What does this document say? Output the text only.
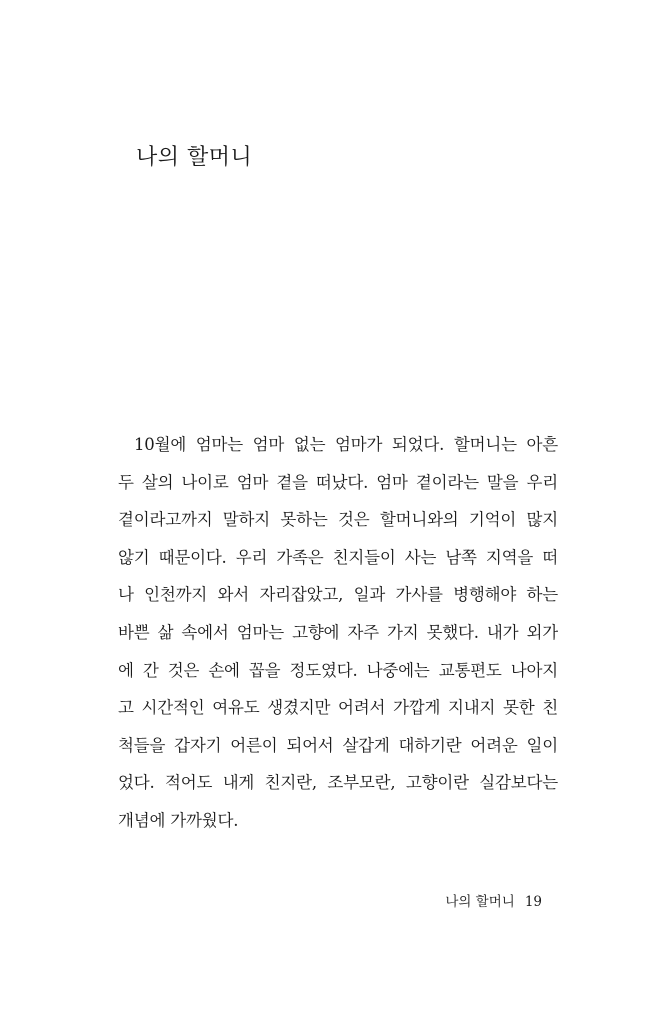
나의 할머니
10월에 엄마는 엄마 없는 엄마가 되었다. 할머니는 아흔
두 살의 나이로 엄마 곁을 떠났다. 엄마 곁이라는 말을 우리
곁이라고까지 말하지 못하는 것은 할머니와의 기억이 많지
않기 때문이다. 우리 가족은 친지들이 사는 남쪽 지역을 떠
나 인천까지 와서 자리잡았고, 일과 가사를 병행해야 하는
바쁜 삶 속에서 엄마는 고향에 자주 가지 못했다. 내가 외가
에 간 것은 손에 꼽을 정도였다. 나중에는 교통편도 나아지
고 시간적인 여유도 생겼지만 어려서 가깝게 지내지 못한 친
척들을 갑자기 어른이 되어서 살갑게 대하기란 어려운 일이
었다. 적어도 내게 친지란, 조부모란, 고향이란 실감보다는
개념에 가까웠다.
나의 할머니 19
